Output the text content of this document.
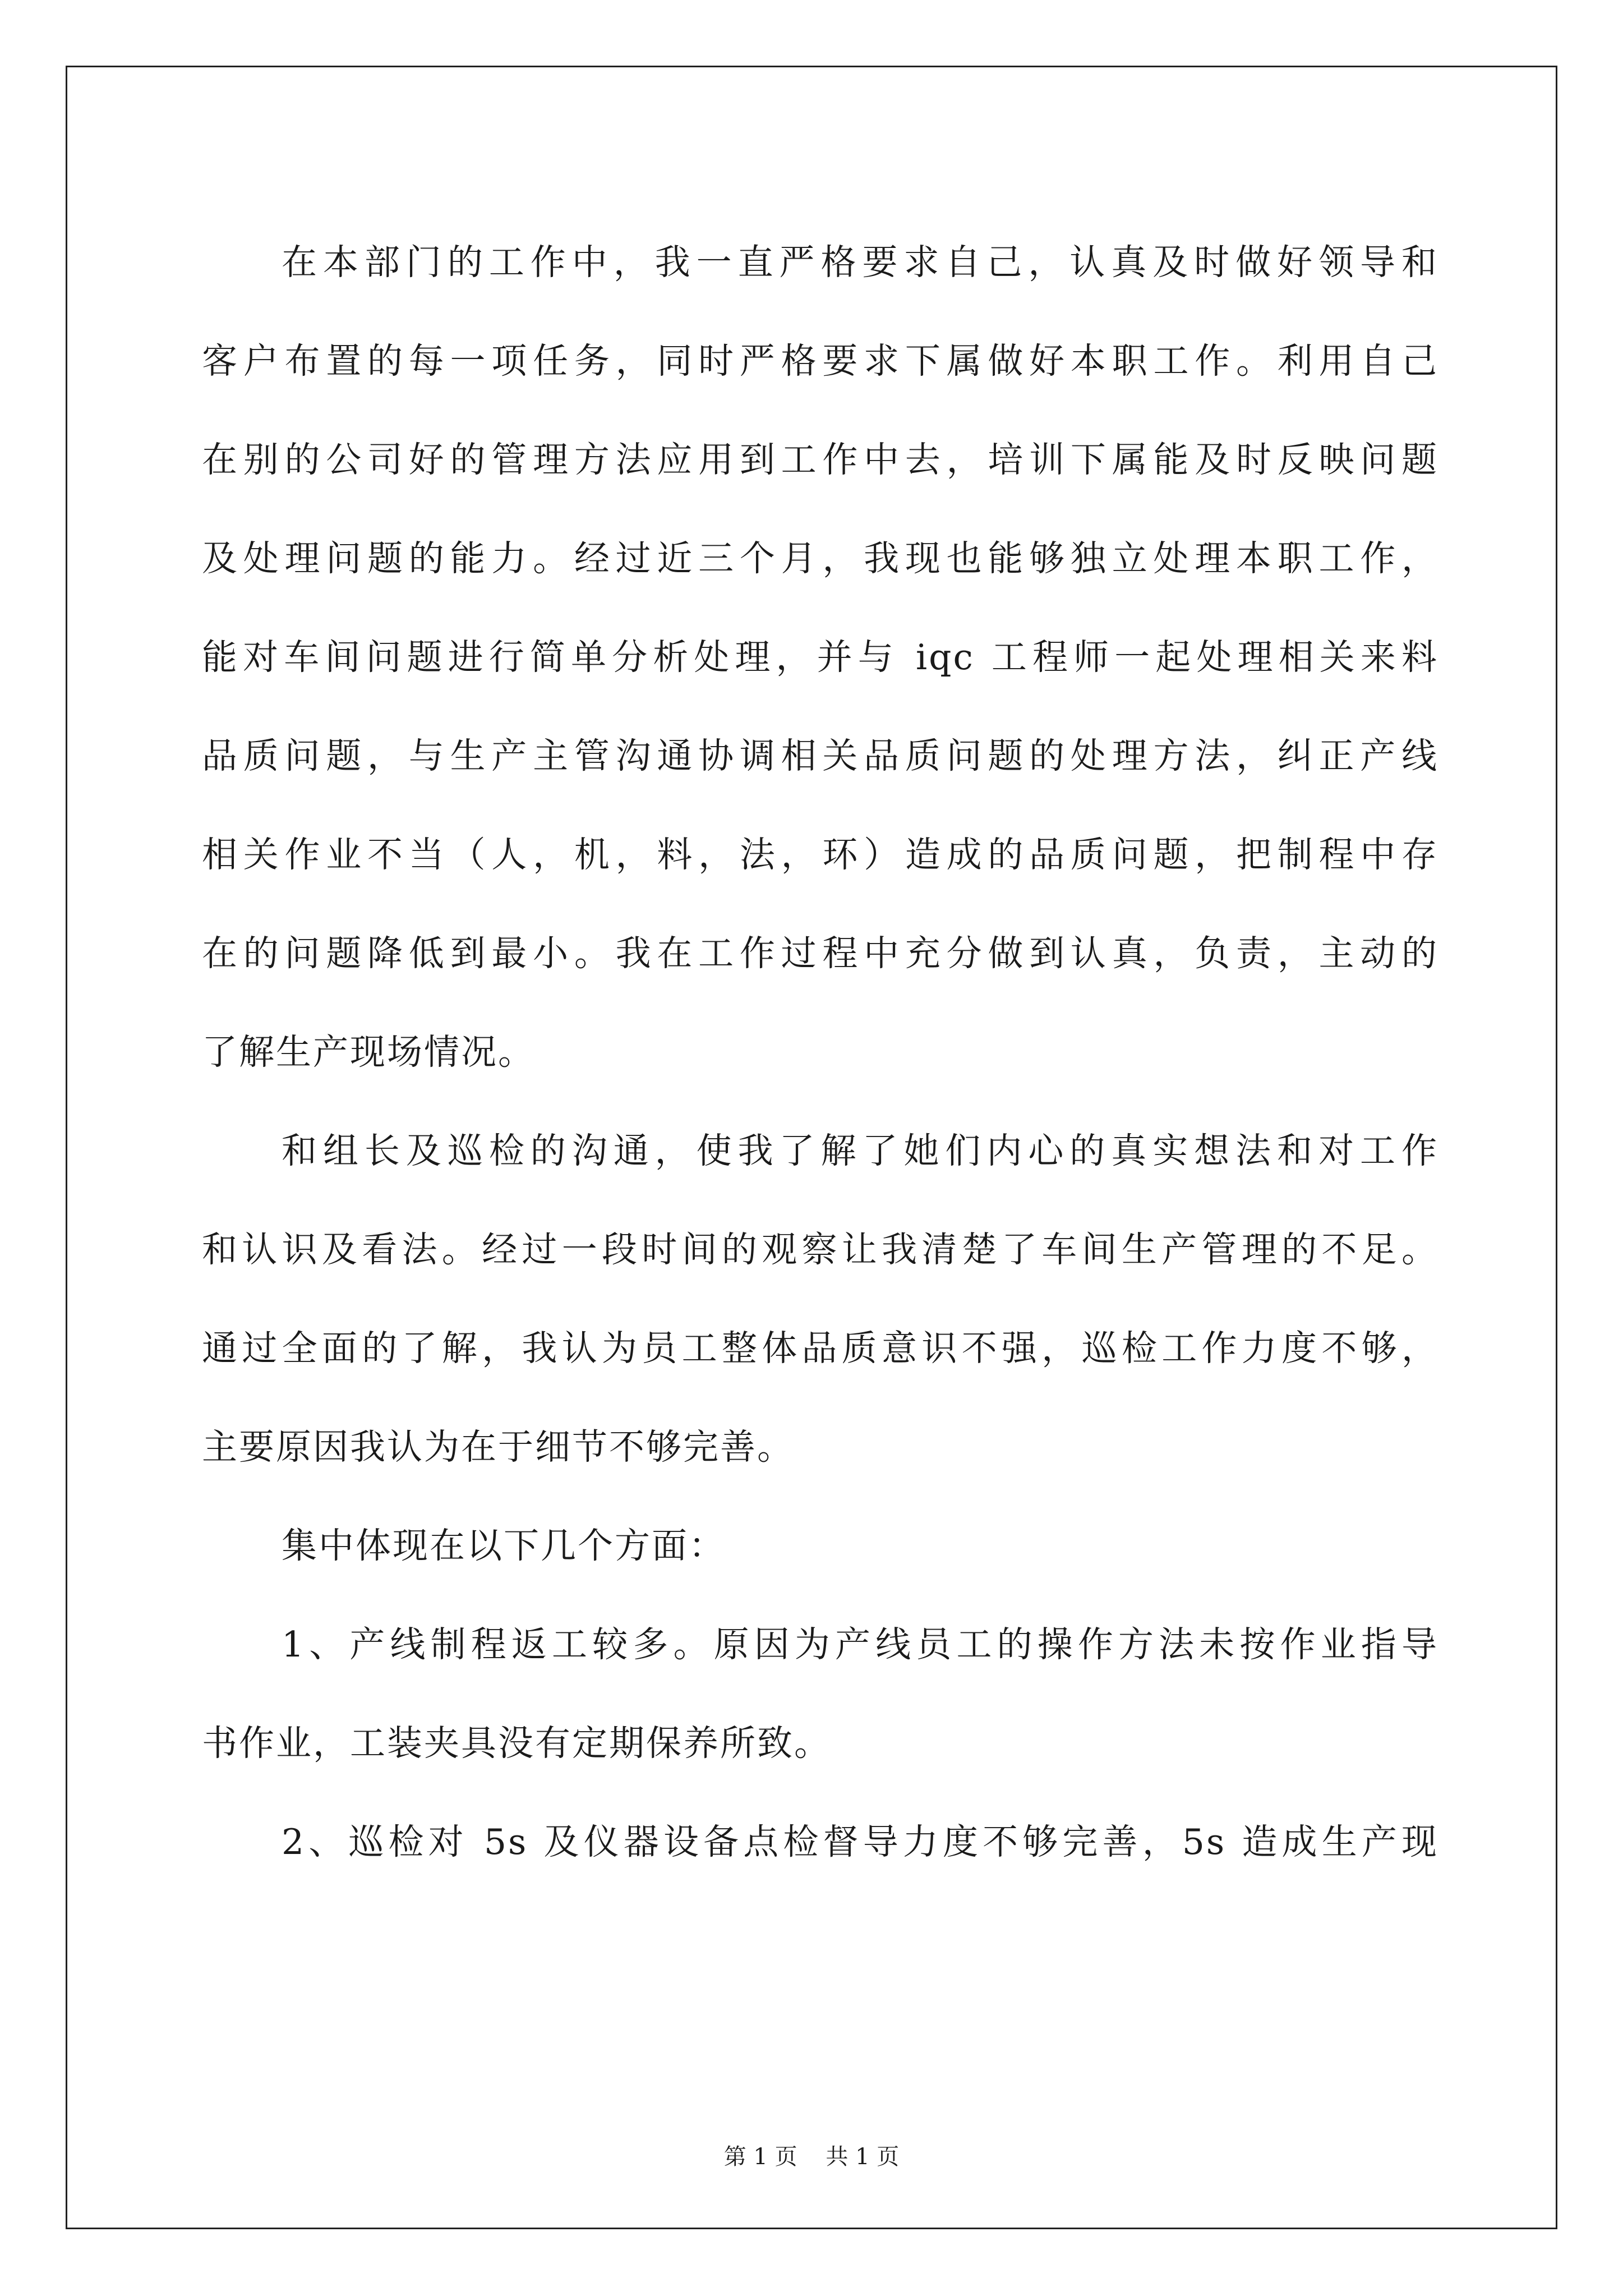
在本部门的工作中，我一直严格要求自己，认真及时做好领导和
客户布置的每一项任务，同时严格要求下属做好本职工作。利用自己
在别的公司好的管理方法应用到工作中去，培训下属能及时反映问题
及处理问题的能力。经过近三个月，我现也能够独立处理本职工作，
能对车间问题进行简单分析处理，并与 iqc 工程师一起处理相关来料
品质问题，与生产主管沟通协调相关品质问题的处理方法，纠正产线
相关作业不当（人，机，料，法，环）造成的品质问题，把制程中存
在的问题降低到最小。我在工作过程中充分做到认真，负责，主动的
了解生产现场情况。
和组长及巡检的沟通，使我了解了她们内心的真实想法和对工作
和认识及看法。经过一段时间的观察让我清楚了车间生产管理的不足。
通过全面的了解，我认为员工整体品质意识不强，巡检工作力度不够，
主要原因我认为在于细节不够完善。
集中体现在以下几个方面：
1、产线制程返工较多。原因为产线员工的操作方法未按作业指导
书作业，工装夹具没有定期保养所致。
2、巡检对 5s 及仪器设备点检督导力度不够完善，5s 造成生产现
第 1 页    共 1 页
